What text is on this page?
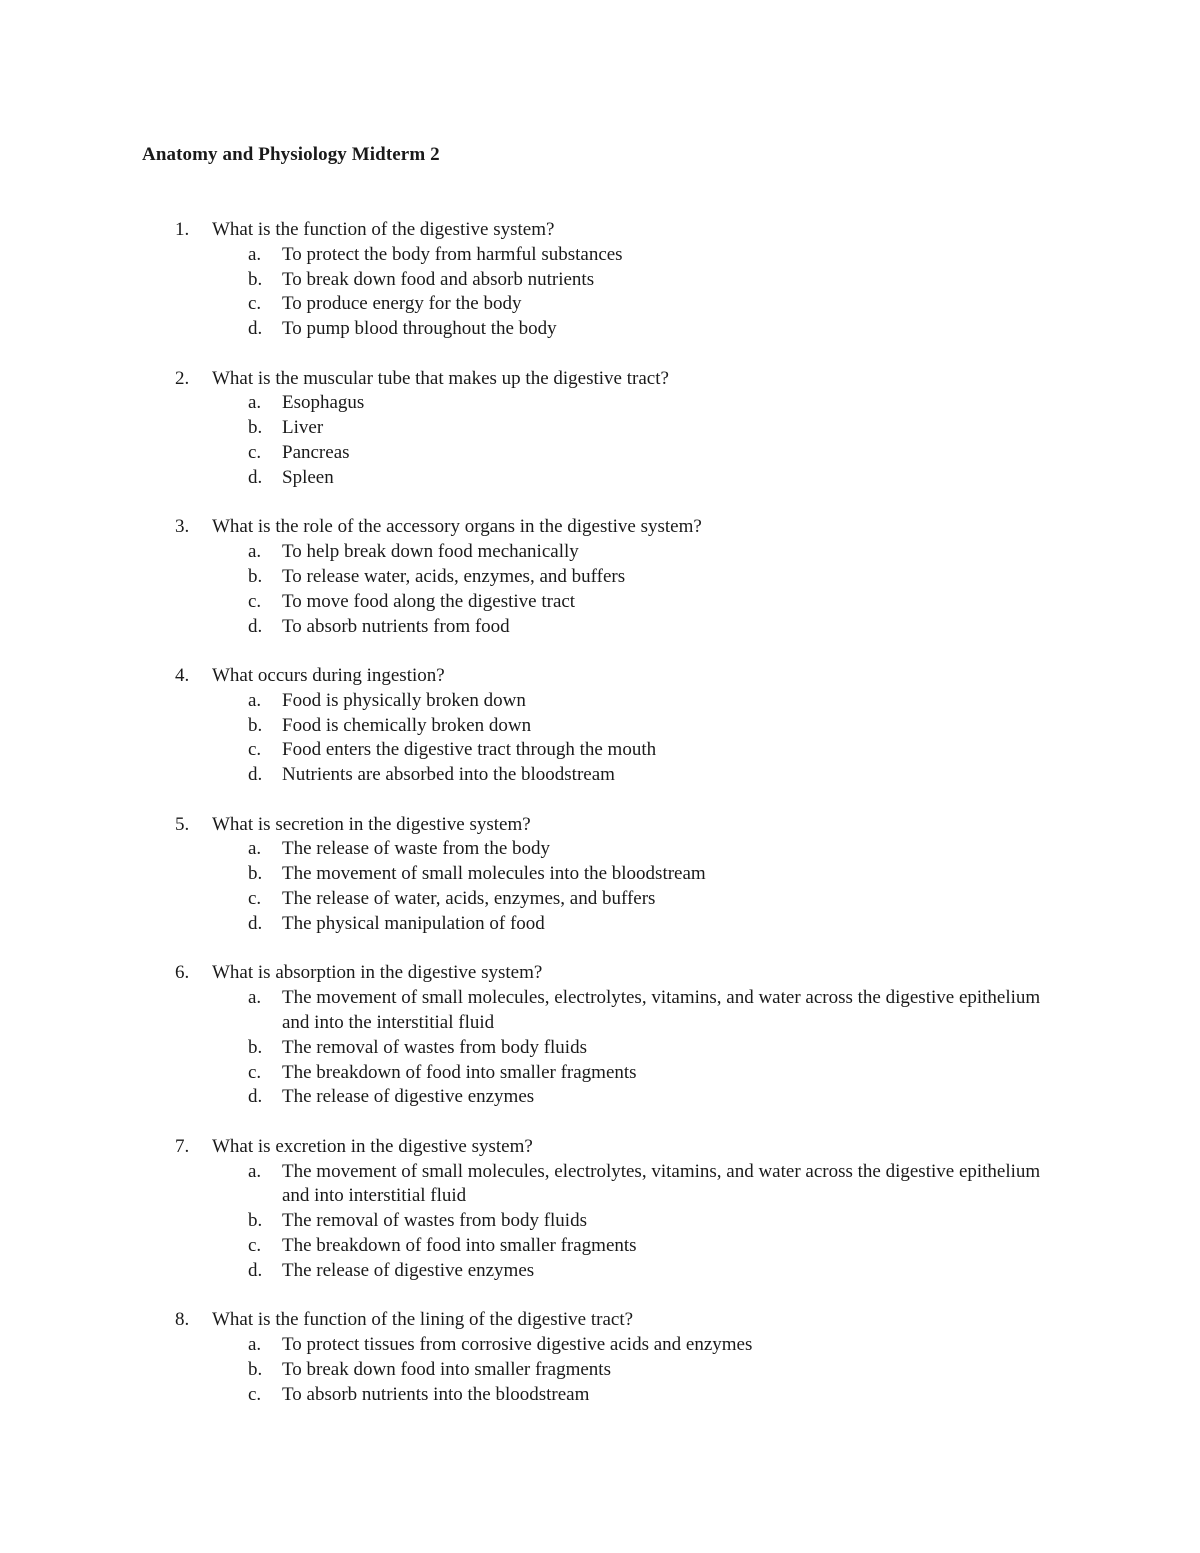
Anatomy and Physiology Midterm 2
1. What is the function of the digestive system?
a. To protect the body from harmful substances
b. To break down food and absorb nutrients
c. To produce energy for the body
d. To pump blood throughout the body
2. What is the muscular tube that makes up the digestive tract?
a. Esophagus
b. Liver
c. Pancreas
d. Spleen
3. What is the role of the accessory organs in the digestive system?
a. To help break down food mechanically
b. To release water, acids, enzymes, and buffers
c. To move food along the digestive tract
d. To absorb nutrients from food
4. What occurs during ingestion?
a. Food is physically broken down
b. Food is chemically broken down
c. Food enters the digestive tract through the mouth
d. Nutrients are absorbed into the bloodstream
5. What is secretion in the digestive system?
a. The release of waste from the body
b. The movement of small molecules into the bloodstream
c. The release of water, acids, enzymes, and buffers
d. The physical manipulation of food
6. What is absorption in the digestive system?
a. The movement of small molecules, electrolytes, vitamins, and water across the digestive epithelium and into the interstitial fluid
b. The removal of wastes from body fluids
c. The breakdown of food into smaller fragments
d. The release of digestive enzymes
7. What is excretion in the digestive system?
a. The movement of small molecules, electrolytes, vitamins, and water across the digestive epithelium and into interstitial fluid
b. The removal of wastes from body fluids
c. The breakdown of food into smaller fragments
d. The release of digestive enzymes
8. What is the function of the lining of the digestive tract?
a. To protect tissues from corrosive digestive acids and enzymes
b. To break down food into smaller fragments
c. To absorb nutrients into the bloodstream
